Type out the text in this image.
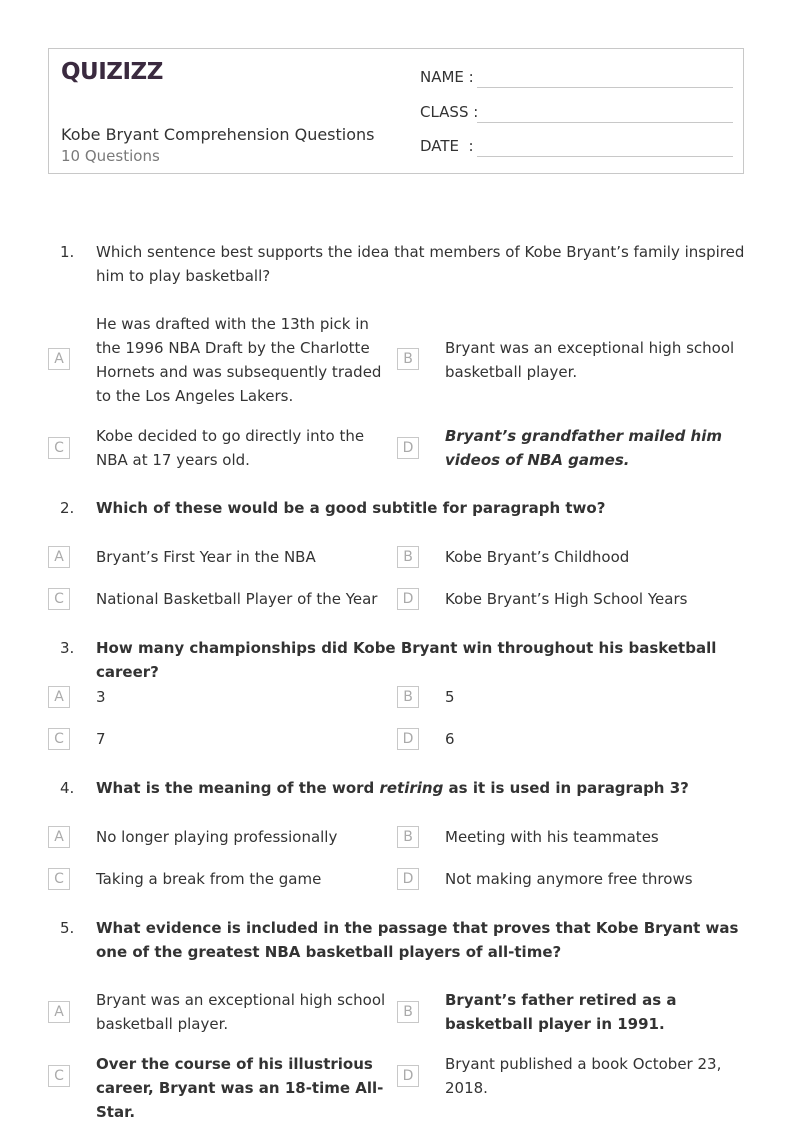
QUIZIZZ
Kobe Bryant Comprehension Questions
10 Questions
NAME :
CLASS :
DATE  :
1. Which sentence best supports the idea that members of Kobe Bryant’s family inspired him to play basketball?
A
He was drafted with the 13th pick in the 1996 NBA Draft by the Charlotte Hornets and was subsequently traded to the Los Angeles Lakers.
B
Bryant was an exceptional high school basketball player.
C
Kobe decided to go directly into the NBA at 17 years old.
D
Bryant’s grandfather mailed him videos of NBA games.
2. Which of these would be a good subtitle for paragraph two?
A	Bryant’s First Year in the NBA	B	Kobe Bryant’s Childhood
C	National Basketball Player of the Year	D	Kobe Bryant’s High School Years
3. How many championships did Kobe Bryant win throughout his basketball career?
A	3	B	5
C	7	D	6
4. What is the meaning of the word retiring as it is used in paragraph 3?
A	No longer playing professionally	B	Meeting with his teammates
C	Taking a break from the game	D	Not making anymore free throws
5. What evidence is included in the passage that proves that Kobe Bryant was one of the greatest NBA basketball players of all-time?
A
Bryant was an exceptional high school basketball player.
B
Bryant’s father retired as a basketball player in 1991.
C
Over the course of his illustrious career, Bryant was an 18-time All-Star.
D
Bryant published a book October 23, 2018.
